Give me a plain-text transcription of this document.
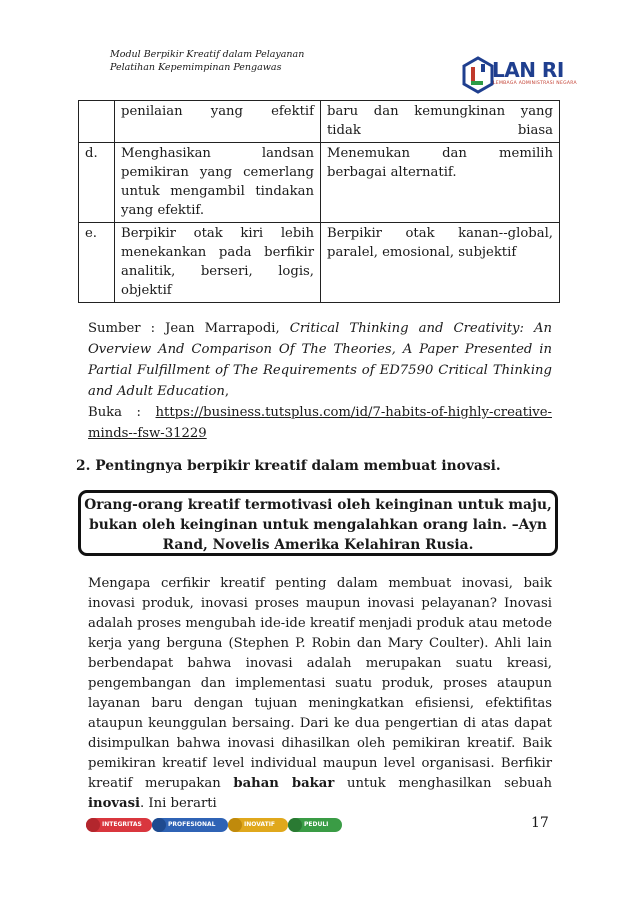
Modul Berpikir Kreatif dalam Pelayanan
Pelatihan Kepemimpinan Pengawas	LAN RI
LEMBAGA ADMINISTRASI NEGARA
	penilaian yang efektif	baru dan kemungkinan yang tidak biasa
d.	Menghasikan landsan pemikiran yang cemerlang untuk mengambil tindakan yang efektif.	Menemukan dan memilih berbagai alternatif.
e.	Berpikir otak kiri lebih menekankan pada berfikir analitik, berseri, logis, objektif	Berpikir otak kanan--global, paralel, emosional, subjektif
Sumber : Jean Marrapodi, Critical Thinking and Creativity: An Overview And Comparison Of The Theories, A Paper Presented in Partial Fulfillment of The Requirements of ED7590 Critical Thinking and Adult Education,
Buka : https://business.tutsplus.com/id/7-habits-of-highly-creative-minds--fsw-31229
2. Pentingnya berpikir kreatif dalam membuat inovasi.
Orang-orang kreatif termotivasi oleh keinginan untuk maju,
bukan oleh keinginan untuk mengalahkan orang lain. –Ayn
Rand, Novelis Amerika Kelahiran Rusia.

Mengapa cerfikir kreatif penting dalam membuat inovasi, baik inovasi produk, inovasi proses maupun inovasi pelayanan? Inovasi adalah proses mengubah ide-ide kreatif menjadi produk atau metode kerja yang berguna (Stephen P. Robin dan Mary Coulter). Ahli lain berbendapat bahwa inovasi adalah merupakan suatu kreasi, pengembangan dan implementasi suatu produk, proses ataupun layanan baru dengan tujuan meningkatkan efisiensi, efektifitas ataupun keunggulan bersaing. Dari ke dua pengertian di atas dapat disimpulkan bahwa inovasi dihasilkan oleh pemikiran kreatif. Baik pemikiran kreatif level individual maupun level organisasi. Berfikir kreatif merupakan bahan bakar untuk menghasilkan sebuah inovasi. Ini berarti

INTEGRITAS	PROFESIONAL	INOVATIF	PEDULI	17
